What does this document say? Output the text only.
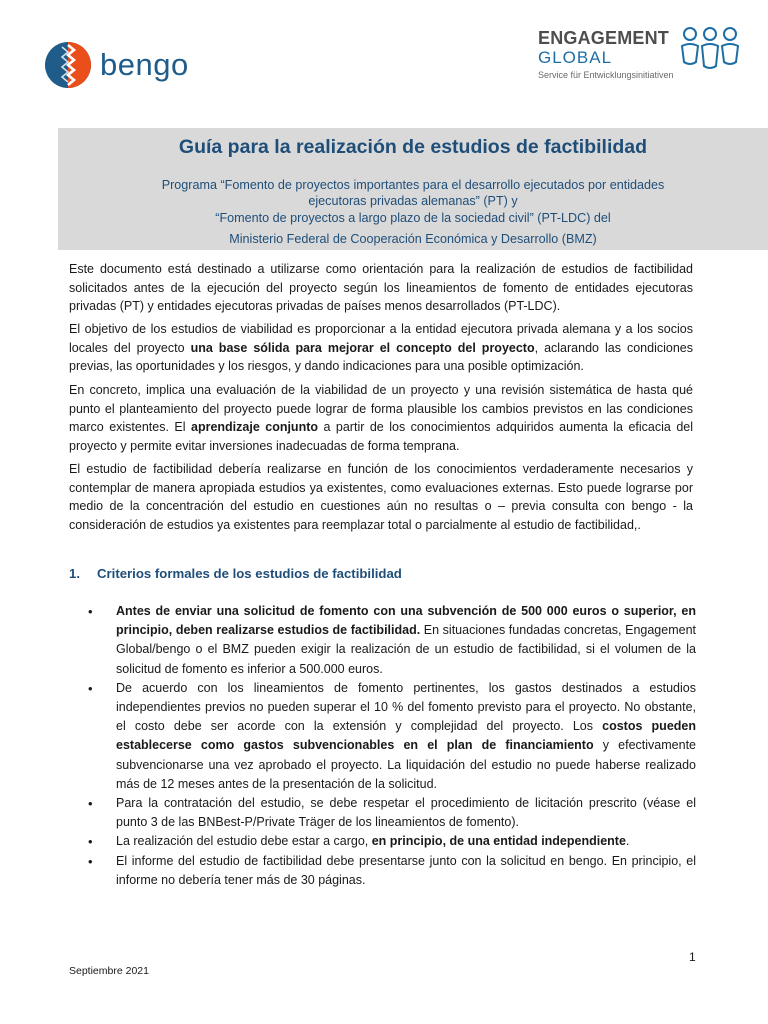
bengo
ENGAGEMENT
GLOBAL
Service für Entwicklungsinitiativen
Guía para la realización de estudios de factibilidad
Programa “Fomento de proyectos importantes para el desarrollo ejecutados por entidades
ejecutoras privadas alemanas” (PT) y
“Fomento de proyectos a largo plazo de la sociedad civil” (PT-LDC) del
Ministerio Federal de Cooperación Económica y Desarrollo (BMZ)
Este documento está destinado a utilizarse como orientación para la realización de estudios de factibilidad solicitados antes de la ejecución del proyecto según los lineamientos de fomento de entidades ejecutoras privadas (PT) y entidades ejecutoras privadas de países menos desarrollados (PT-LDC).
El objetivo de los estudios de viabilidad es proporcionar a la entidad ejecutora privada alemana y a los socios locales del proyecto una base sólida para mejorar el concepto del proyecto, aclarando las condiciones previas, las oportunidades y los riesgos, y dando indicaciones para una posible optimización.
En concreto, implica una evaluación de la viabilidad de un proyecto y una revisión sistemática de hasta qué punto el planteamiento del proyecto puede lograr de forma plausible los cambios previstos en las condiciones marco existentes. El aprendizaje conjunto a partir de los conocimientos adquiridos aumenta la eficacia del proyecto y permite evitar inversiones inadecuadas de forma temprana.
El estudio de factibilidad debería realizarse en función de los conocimientos verdaderamente necesarios y contemplar de manera apropiada estudios ya existentes, como evaluaciones externas. Esto puede lograrse por medio de la concentración del estudio en cuestiones aún no resultas o – previa consulta con bengo - la consideración de estudios ya existentes para reemplazar total o parcialmente al estudio de factibilidad,.
1. Criterios formales de los estudios de factibilidad
• Antes de enviar una solicitud de fomento con una subvención de 500 000 euros o superior, en principio, deben realizarse estudios de factibilidad. En situaciones fundadas concretas, Engagement Global/bengo o el BMZ pueden exigir la realización de un estudio de factibilidad, si el volumen de la solicitud de fomento es inferior a 500.000 euros.
• De acuerdo con los lineamientos de fomento pertinentes, los gastos destinados a estudios independientes previos no pueden superar el 10 % del fomento previsto para el proyecto. No obstante, el costo debe ser acorde con la extensión y complejidad del proyecto. Los costos pueden establecerse como gastos subvencionables en el plan de financiamiento y efectivamente subvencionarse una vez aprobado el proyecto. La liquidación del estudio no puede haberse realizado más de 12 meses antes de la presentación de la solicitud.
• Para la contratación del estudio, se debe respetar el procedimiento de licitación prescrito (véase el punto 3 de las BNBest-P/Private Träger de los lineamientos de fomento).
• La realización del estudio debe estar a cargo, en principio, de una entidad independiente.
• El informe del estudio de factibilidad debe presentarse junto con la solicitud en bengo. En principio, el informe no debería tener más de 30 páginas.
1
Septiembre 2021
